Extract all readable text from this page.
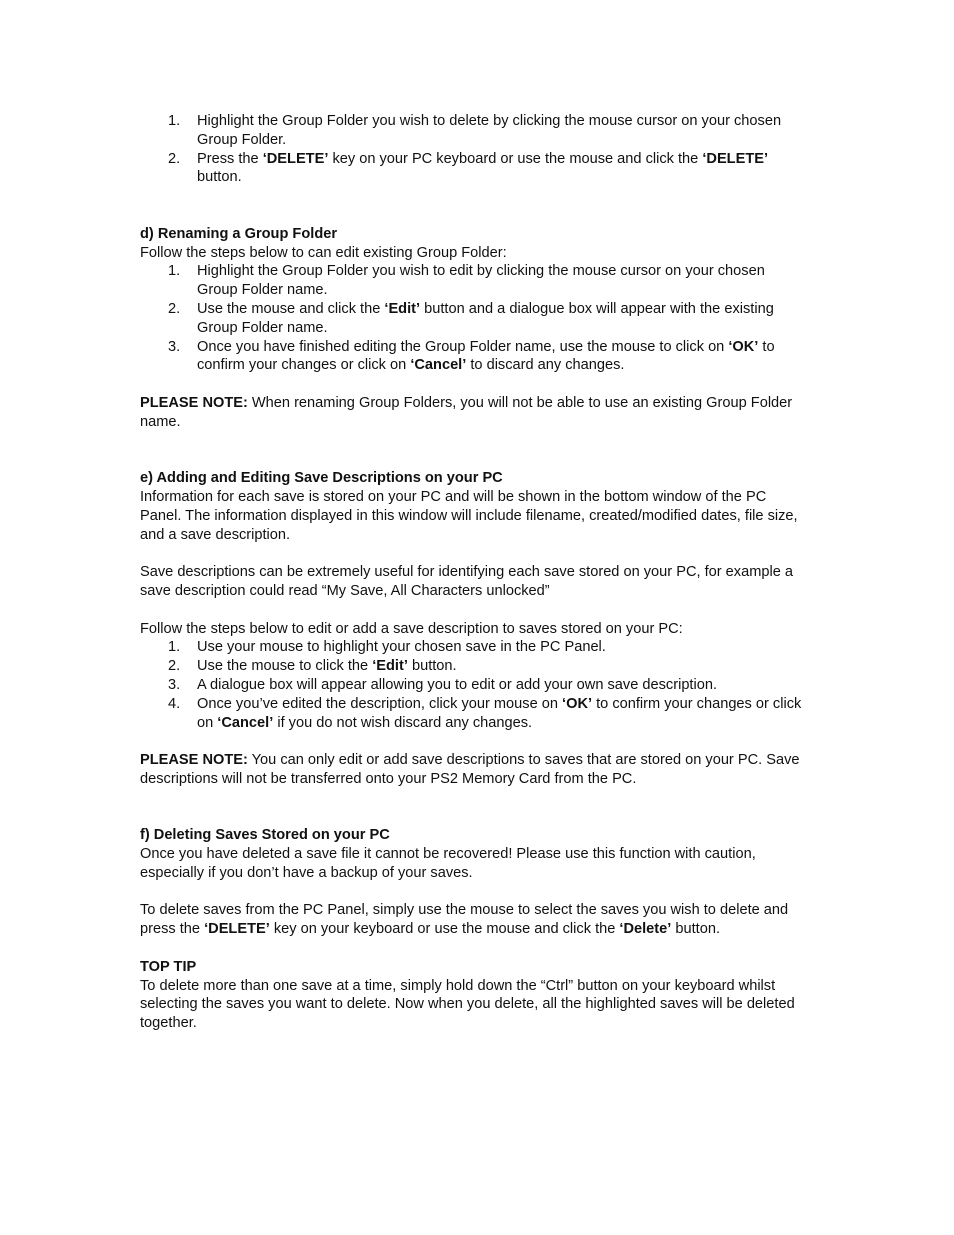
1. Highlight the Group Folder you wish to delete by clicking the mouse cursor on your chosen Group Folder.
2. Press the ‘DELETE’ key on your PC keyboard or use the mouse and click the ‘DELETE’ button.
d) Renaming a Group Folder

Follow the steps below to can edit existing Group Folder:

1. Highlight the Group Folder you wish to edit by clicking the mouse cursor on your chosen Group Folder name.
2. Use the mouse and click the ‘Edit’ button and a dialogue box will appear with the existing Group Folder name.
3. Once you have finished editing the Group Folder name, use the mouse to click on ‘OK’ to confirm your changes or click on ‘Cancel’ to discard any changes.

PLEASE NOTE: When renaming Group Folders, you will not be able to use an existing Group Folder name.

e) Adding and Editing Save Descriptions on your PC

Information for each save is stored on your PC and will be shown in the bottom window of the PC Panel. The information displayed in this window will include filename, created/modified dates, file size, and a save description.

Save descriptions can be extremely useful for identifying each save stored on your PC, for example a save description could read “My Save, All Characters unlocked”

Follow the steps below to edit or add a save description to saves stored on your PC:

1. Use your mouse to highlight your chosen save in the PC Panel.
2. Use the mouse to click the ‘Edit’ button.
3. A dialogue box will appear allowing you to edit or add your own save description.
4. Once you’ve edited the description, click your mouse on ‘OK’ to confirm your changes or click on ‘Cancel’ if you do not wish discard any changes.

PLEASE NOTE: You can only edit or add save descriptions to saves that are stored on your PC. Save descriptions will not be transferred onto your PS2 Memory Card from the PC.

f) Deleting Saves Stored on your PC

Once you have deleted a save file it cannot be recovered! Please use this function with caution, especially if you don’t have a backup of your saves.

To delete saves from the PC Panel, simply use the mouse to select the saves you wish to delete and press the ‘DELETE’ key on your keyboard or use the mouse and click the ‘Delete’ button.

TOP TIP

To delete more than one save at a time, simply hold down the “Ctrl” button on your keyboard whilst selecting the saves you want to delete. Now when you delete, all the highlighted saves will be deleted together.
